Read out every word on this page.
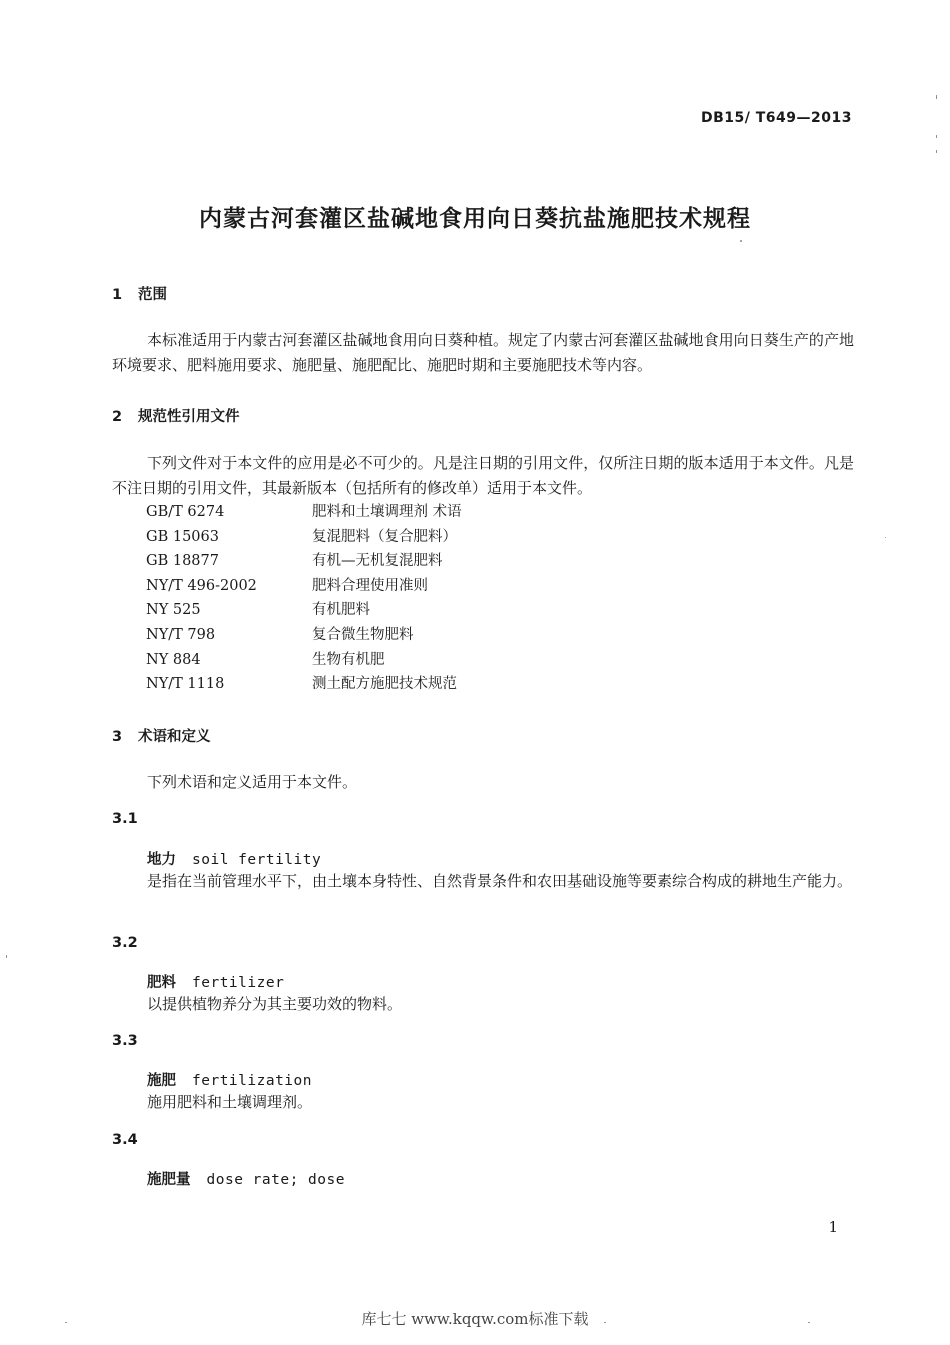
DB15/ T649—2013
内蒙古河套灌区盐碱地食用向日葵抗盐施肥技术规程
1 范围
本标准适用于内蒙古河套灌区盐碱地食用向日葵种植。规定了内蒙古河套灌区盐碱地食用向日葵生产的产地环境要求、肥料施用要求、施肥量、施肥配比、施肥时期和主要施肥技术等内容。
2 规范性引用文件
下列文件对于本文件的应用是必不可少的。凡是注日期的引用文件，仅所注日期的版本适用于本文件。凡是不注日期的引用文件，其最新版本（包括所有的修改单）适用于本文件。
GB/T 6274	肥料和土壤调理剂 术语
GB 15063	复混肥料（复合肥料）
GB 18877	有机—无机复混肥料
NY/T 496-2002	肥料合理使用准则
NY 525	有机肥料
NY/T 798	复合微生物肥料
NY 884	生物有机肥
NY/T 1118	测土配方施肥技术规范
3 术语和定义
下列术语和定义适用于本文件。
3.1
地力 soil fertility
是指在当前管理水平下，由土壤本身特性、自然背景条件和农田基础设施等要素综合构成的耕地生产能力。
3.2
肥料 fertilizer
以提供植物养分为其主要功效的物料。
3.3
施肥 fertilization
施用肥料和土壤调理剂。
3.4
施肥量 dose rate; dose
1
库七七 www.kqqw.com标准下载
